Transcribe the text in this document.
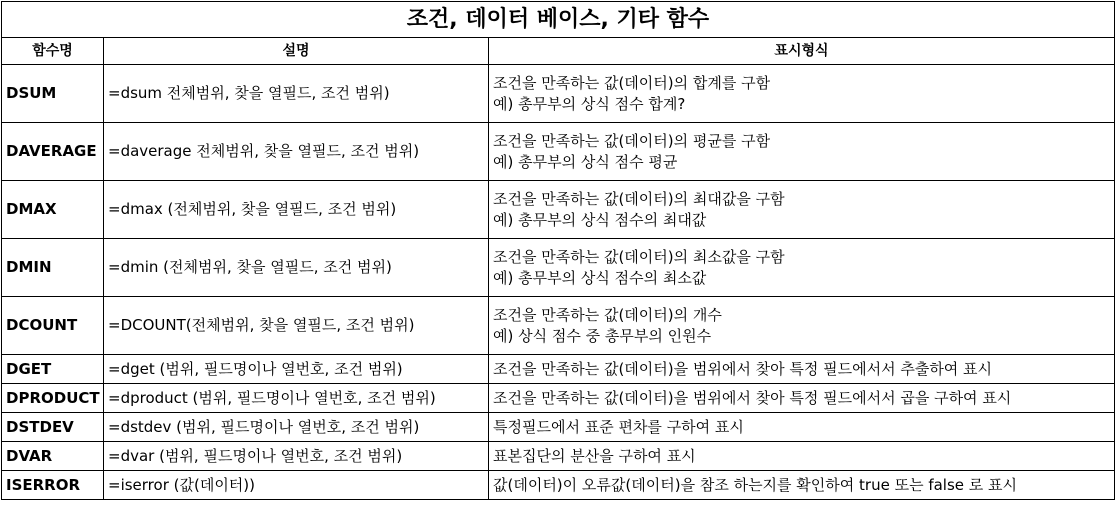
조건, 데이터 베이스, 기타 함수		
함수명	설명	표시형식
DSUM	=dsum 전체범위, 찾을 열필드, 조건 범위)	조건을 만족하는 값(데이터)의 합계를 구함
예) 총무부의 상식 점수 합계?

DAVERAGE	=daverage 전체범위, 찾을 열필드, 조건 범위)	조건을 만족하는 값(데이터)의 평균를 구함
예) 총무부의 상식 점수 평균

DMAX	=dmax (전체범위, 찾을 열필드, 조건 범위)	조건을 만족하는 값(데이터)의 최대값을 구함
예) 총무부의 상식 점수의 최대값

DMIN	=dmin (전체범위, 찾을 열필드, 조건 범위)	조건을 만족하는 값(데이터)의 최소값을 구함
예) 총무부의 상식 점수의 최소값

DCOUNT	=DCOUNT(전체범위, 찾을 열필드, 조건 범위)	조건을 만족하는 값(데이터)의 개수
예) 상식 점수 중 총무부의 인원수

DGET	=dget (범위, 필드명이나 열번호, 조건 범위)	조건을 만족하는 값(데이터)을 범위에서 찾아 특정 필드에서서 추출하여 표시

DPRODUCT	=dproduct (범위, 필드명이나 열번호, 조건 범위)	조건을 만족하는 값(데이터)을 범위에서 찾아 특정 필드에서서 곱을 구하여 표시

DSTDEV	=dstdev (범위, 필드명이나 열번호, 조건 범위)	특정필드에서 표준 편차를 구하여 표시

DVAR	=dvar (범위, 필드명이나 열번호, 조건 범위)	표본집단의 분산을 구하여 표시

ISERROR	=iserror (값(데이터))	값(데이터)이 오류값(데이터)을 참조 하는지를 확인하여 true 또는 false 로 표시
